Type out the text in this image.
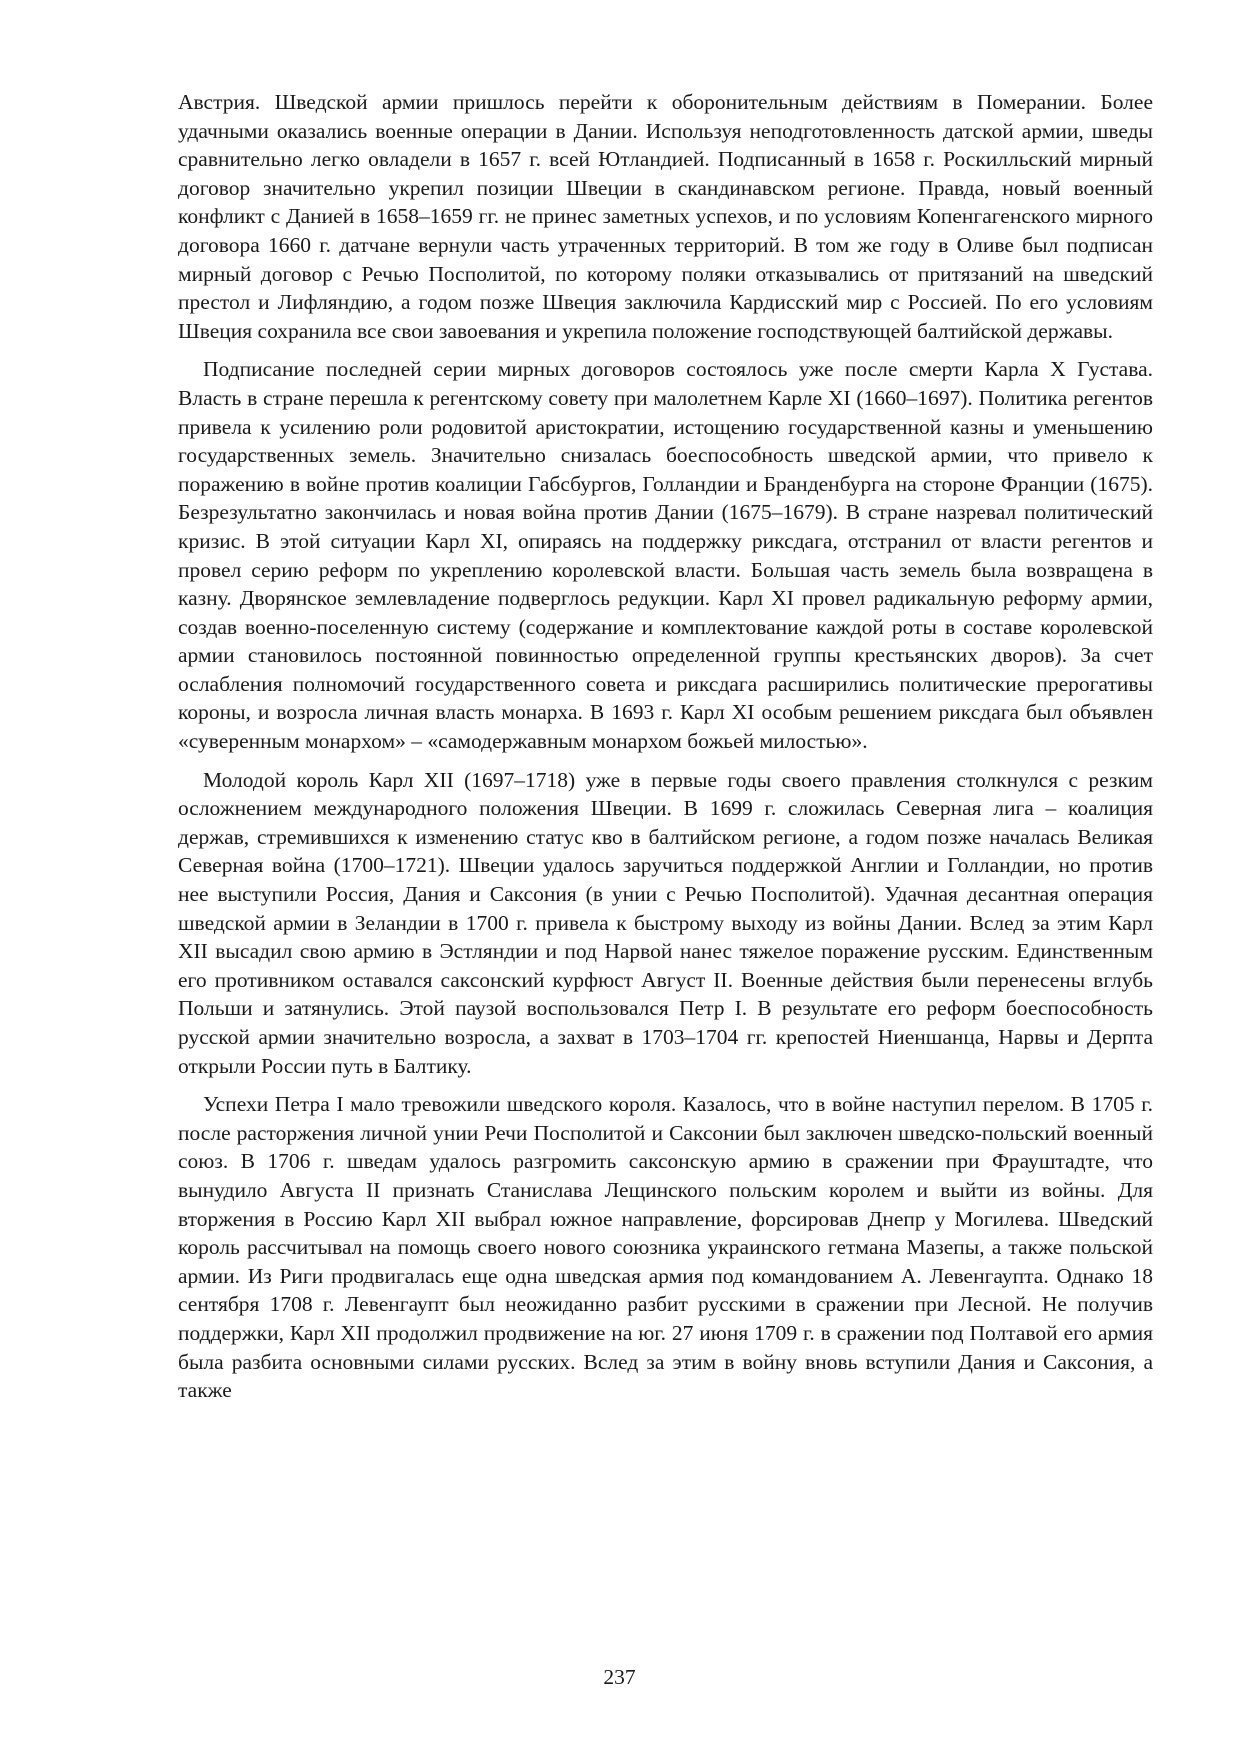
Австрия. Шведской армии пришлось перейти к оборонительным действиям в Померании. Более удачными оказались военные операции в Дании. Используя неподготовленность датской армии, шведы сравнительно легко овладели в 1657 г. всей Ютландией. Подписанный в 1658 г. Роскилльский мирный договор значительно укрепил позиции Швеции в скандинавском регионе. Правда, новый военный конфликт с Данией в 1658–1659 гг. не принес заметных успехов, и по условиям Копенгагенского мирного договора 1660 г. датчане вернули часть утраченных территорий. В том же году в Оливе был подписан мирный договор с Речью Посполитой, по которому поляки отказывались от притязаний на шведский престол и Лифляндию, а годом позже Швеция заключила Кардисский мир с Россией. По его условиям Швеция сохранила все свои завоевания и укрепила положение господствующей балтийской державы.

Подписание последней серии мирных договоров состоялось уже после смерти Карла X Густава. Власть в стране перешла к регентскому совету при малолетнем Карле XI (1660–1697). Политика регентов привела к усилению роли родовитой аристократии, истощению государственной казны и уменьшению государственных земель. Значительно снизалась боеспособность шведской армии, что привело к поражению в войне против коалиции Габсбургов, Голландии и Бранденбурга на стороне Франции (1675). Безрезультатно закончилась и новая война против Дании (1675–1679). В стране назревал политический кризис. В этой ситуации Карл XI, опираясь на поддержку риксдага, отстранил от власти регентов и провел серию реформ по укреплению королевской власти. Большая часть земель была возвращена в казну. Дворянское землевладение подверглось редукции. Карл XI провел радикальную реформу армии, создав военно-поселенную систему (содержание и комплектование каждой роты в составе королевской армии становилось постоянной повинностью определенной группы крестьянских дворов). За счет ослабления полномочий государственного совета и риксдага расширились политические прерогативы короны, и возросла личная власть монарха. В 1693 г. Карл XI особым решением риксдага был объявлен «суверенным монархом» – «самодержавным монархом божьей милостью».

Молодой король Карл XII (1697–1718) уже в первые годы своего правления столкнулся с резким осложнением международного положения Швеции. В 1699 г. сложилась Северная лига – коалиция держав, стремившихся к изменению статус кво в балтийском регионе, а годом позже началась Великая Северная война (1700–1721). Швеции удалось заручиться поддержкой Англии и Голландии, но против нее выступили Россия, Дания и Саксония (в унии с Речью Посполитой). Удачная десантная операция шведской армии в Зеландии в 1700 г. привела к быстрому выходу из войны Дании. Вслед за этим Карл XII высадил свою армию в Эстляндии и под Нарвой нанес тяжелое поражение русским. Единственным его противником оставался саксонский курфюст Август II. Военные действия были перенесены вглубь Польши и затянулись. Этой паузой воспользовался Петр I. В результате его реформ боеспособность русской армии значительно возросла, а захват в 1703–1704 гг. крепостей Ниеншанца, Нарвы и Дерпта открыли России путь в Балтику.

Успехи Петра I мало тревожили шведского короля. Казалось, что в войне наступил перелом. В 1705 г. после расторжения личной унии Речи Посполитой и Саксонии был заключен шведско-польский военный союз. В 1706 г. шведам удалось разгромить саксонскую армию в сражении при Фрауштадте, что вынудило Августа II признать Станислава Лещинского польским королем и выйти из войны. Для вторжения в Россию Карл XII выбрал южное направление, форсировав Днепр у Могилева. Шведский король рассчитывал на помощь своего нового союзника украинского гетмана Мазепы, а также польской армии. Из Риги продвигалась еще одна шведская армия под командованием А. Левенгаупта. Однако 18 сентября 1708 г. Левенгаупт был неожиданно разбит русскими в сражении при Лесной. Не получив поддержки, Карл XII продолжил продвижение на юг. 27 июня 1709 г. в сражении под Полтавой его армия была разбита основными силами русских. Вслед за этим в войну вновь вступили Дания и Саксония, а также

237
